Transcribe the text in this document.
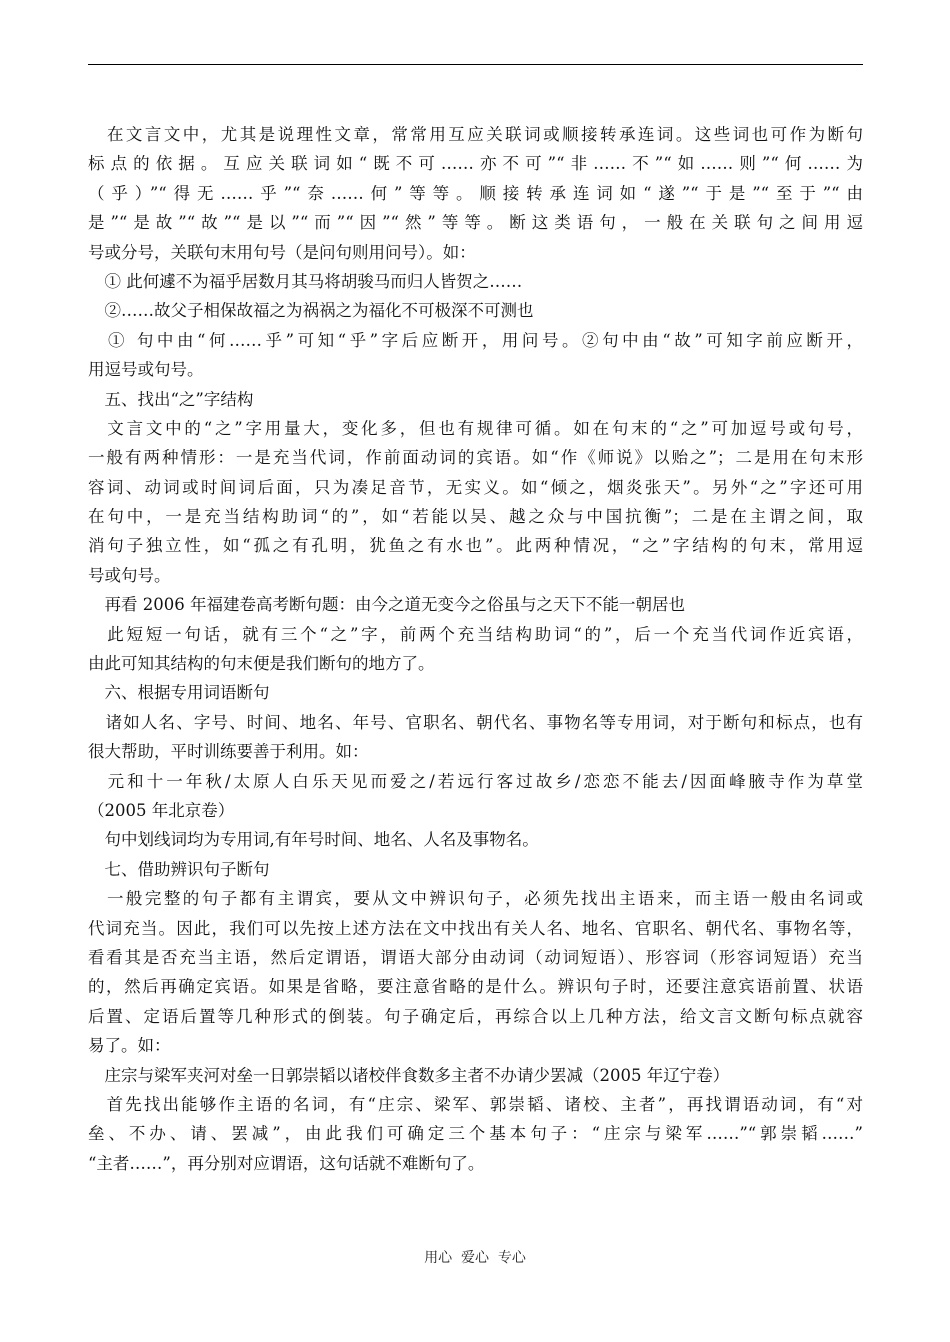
　在文言文中，尤其是说理性文章，常常用互应关联词或顺接转承连词。这些词也可作为断句
标点的依据。互应关联词如“既不可……亦不可”“非……不”“如……则”“何……为
（乎）”“得无……乎”“奈……何”等等。顺接转承连词如“遂”“于是”“至于”“由
是”“是故”“故”“是以”“而”“因”“然”等等。断这类语句，一般在关联句之间用逗
号或分号，关联句末用句号（是问句则用问号）。如：
　① 此何遽不为福乎居数月其马将胡骏马而归人皆贺之……
　②……故父子相保故福之为祸祸之为福化不可极深不可测也
　① 句中由“何……乎”可知“乎”字后应断开，用问号。②句中由“故”可知字前应断开，
用逗号或句号。
　五、找出“之”字结构
　文言文中的“之”字用量大，变化多，但也有规律可循。如在句末的“之”可加逗号或句号，
一般有两种情形：一是充当代词，作前面动词的宾语。如“作《师说》以贻之”；二是用在句末形
容词、动词或时间词后面，只为凑足音节，无实义。如“倾之，烟炎张天”。另外“之”字还可用
在句中，一是充当结构助词“的”，如“若能以吴、越之众与中国抗衡”；二是在主谓之间，取
消句子独立性，如“孤之有孔明，犹鱼之有水也”。此两种情况，“之”字结构的句末，常用逗
号或句号。
　再看 2006 年福建卷高考断句题：由今之道无变今之俗虽与之天下不能一朝居也
　此短短一句话，就有三个“之”字，前两个充当结构助词“的”，后一个充当代词作近宾语，
由此可知其结构的句末便是我们断句的地方了。
　六、根据专用词语断句
　诸如人名、字号、时间、地名、年号、官职名、朝代名、事物名等专用词，对于断句和标点，也有
很大帮助，平时训练要善于利用。如：
　元和十一年秋/太原人白乐天见而爱之/若远行客过故乡/恋恋不能去/因面峰腋寺作为草堂
（2005 年北京卷）
　句中划线词均为专用词,有年号时间、地名、人名及事物名。
　七、借助辨识句子断句
　一般完整的句子都有主谓宾，要从文中辨识句子，必须先找出主语来，而主语一般由名词或
代词充当。因此，我们可以先按上述方法在文中找出有关人名、地名、官职名、朝代名、事物名等，
看看其是否充当主语，然后定谓语，谓语大部分由动词（动词短语）、形容词（形容词短语）充当
的，然后再确定宾语。如果是省略，要注意省略的是什么。辨识句子时，还要注意宾语前置、状语
后置、定语后置等几种形式的倒装。句子确定后，再综合以上几种方法，给文言文断句标点就容
易了。如：
　庄宗与梁军夹河对垒一日郭崇韬以诸校伴食数多主者不办请少罢减（2005 年辽宁卷）
　首先找出能够作主语的名词，有“庄宗、梁军、郭崇韬、诸校、主者”，再找谓语动词，有“对
垒、不办、请、罢减”，由此我们可确定三个基本句子：“庄宗与梁军……”“郭崇韬……”
“主者……”，再分别对应谓语，这句话就不难断句了。
用心  爱心  专心
